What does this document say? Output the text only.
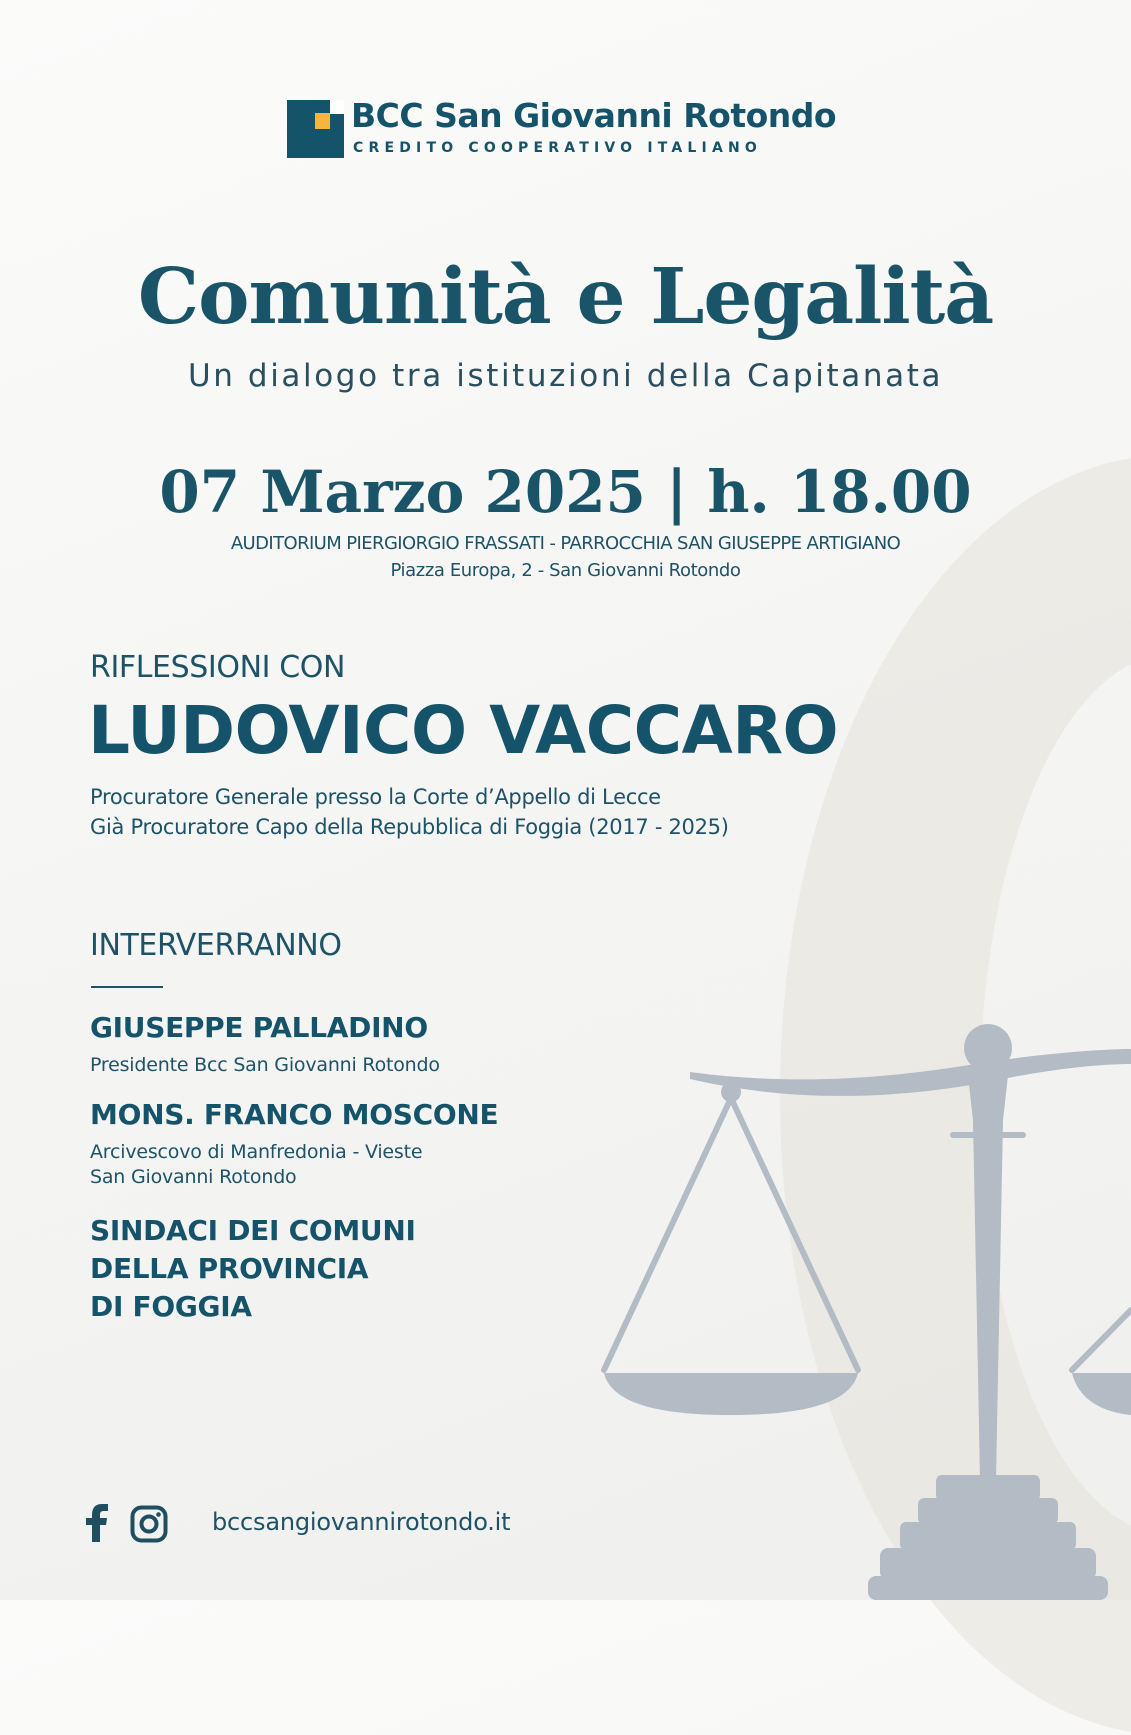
BCC San Giovanni Rotondo
CREDITO COOPERATIVO ITALIANO
Comunità e Legalità
Un dialogo tra istituzioni della Capitanata
07 Marzo 2025 | h. 18.00
AUDITORIUM PIERGIORGIO FRASSATI - PARROCCHIA SAN GIUSEPPE ARTIGIANO
Piazza Europa, 2 - San Giovanni Rotondo
RIFLESSIONI CON
LUDOVICO VACCARO
Procuratore Generale presso la Corte d’Appello di Lecce
Già Procuratore Capo della Repubblica di Foggia (2017 - 2025)
INTERVERRANNO
GIUSEPPE PALLADINO
Presidente Bcc San Giovanni Rotondo
MONS. FRANCO MOSCONE
Arcivescovo di Manfredonia - Vieste
San Giovanni Rotondo
SINDACI DEI COMUNI
DELLA PROVINCIA
DI FOGGIA
bccsangiovannirotondo.it
